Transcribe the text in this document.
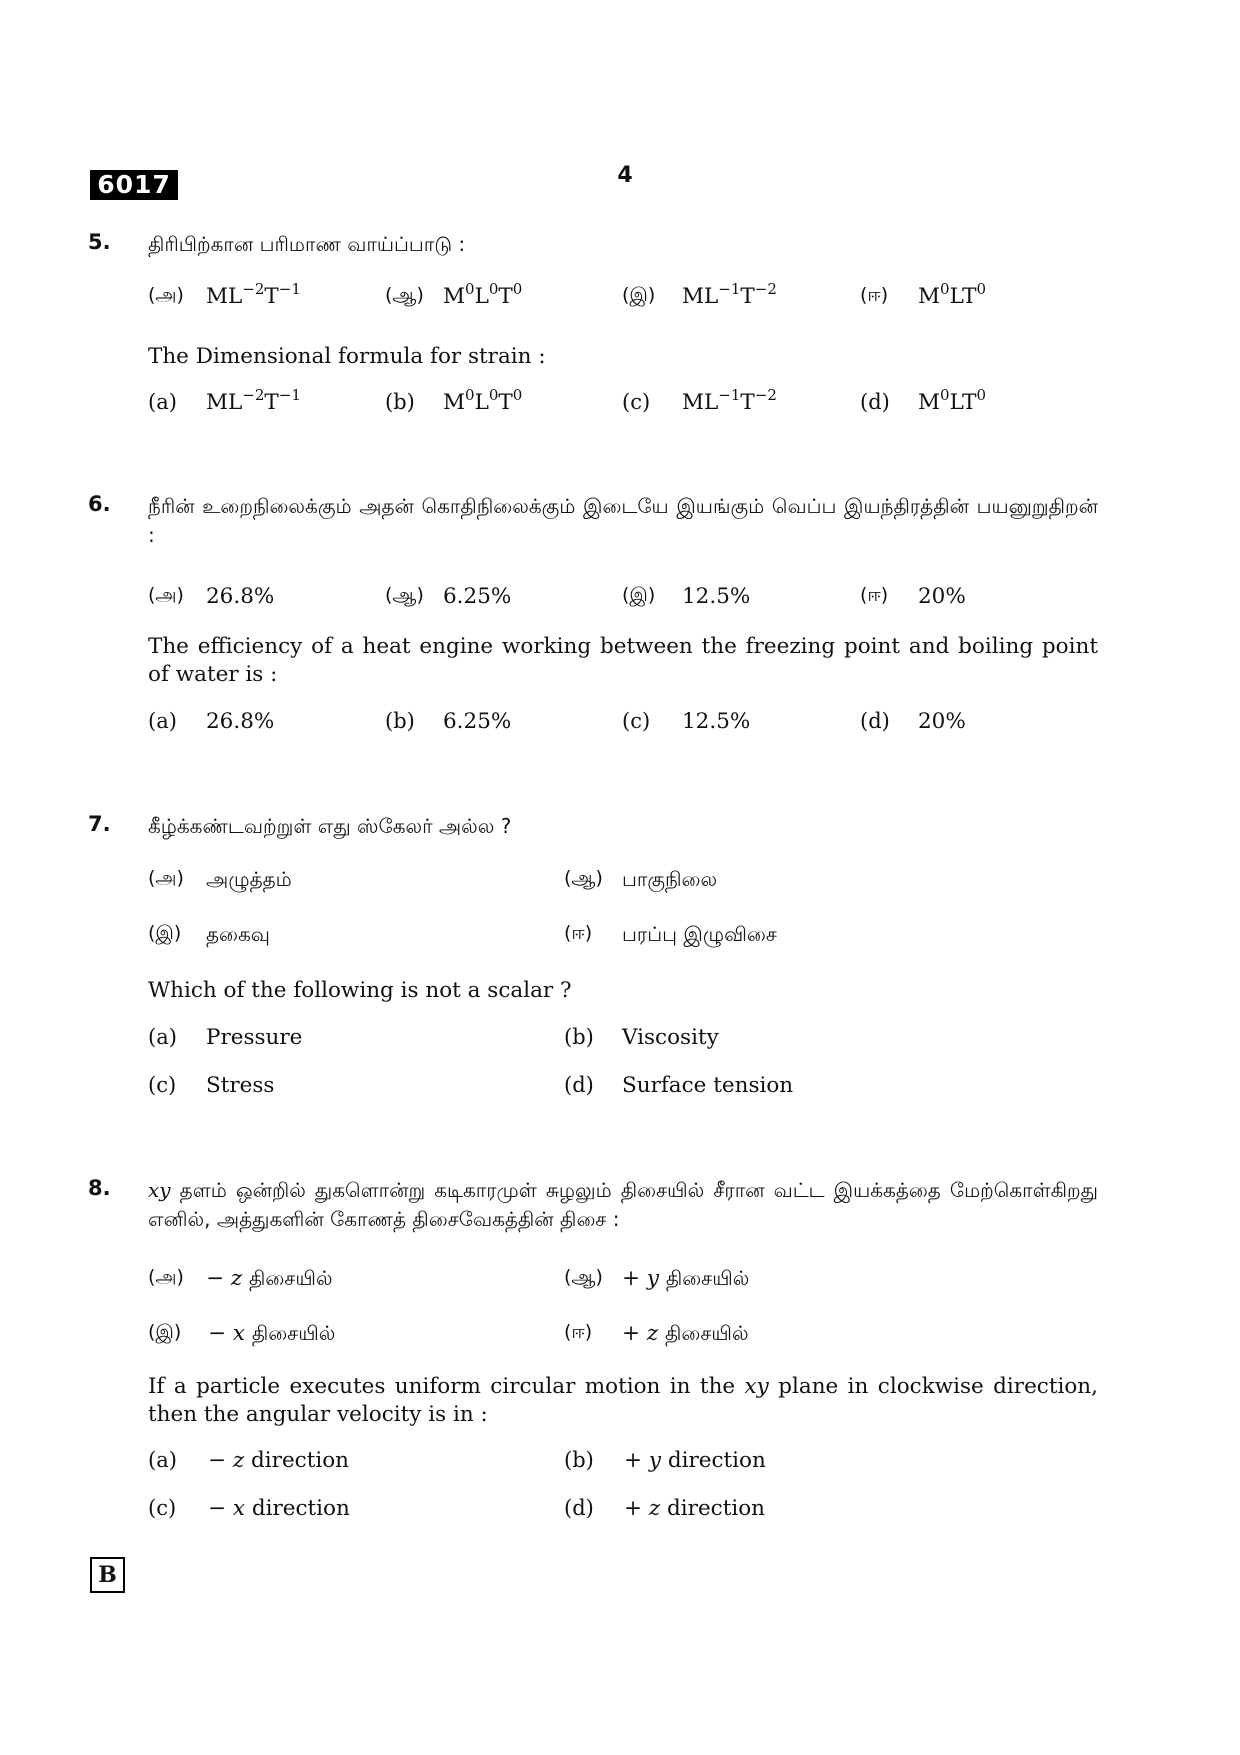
6017	4
5. திரிபிற்கான பரிமாண வாய்ப்பாடு :
(அ) $ML^{-2}T^{-1}$	(ஆ) $M^0L^0T^0$	(இ) $ML^{-1}T^{-2}$	(ஈ) $M^0LT^0$
The Dimensional formula for strain :
(a) $ML^{-2}T^{-1}$	(b) $M^0L^0T^0$	(c) $ML^{-1}T^{-2}$	(d) $M^0LT^0$
6. நீரின் உறைநிலைக்கும் அதன் கொதிநிலைக்கும் இடையே இயங்கும் வெப்ப இயந்திரத்தின் பயனுறுதிறன் :
(அ) 26.8%	(ஆ) 6.25%	(இ) 12.5%	(ஈ) 20%
The efficiency of a heat engine working between the freezing point and boiling point of water is :
(a) 26.8%	(b) 6.25%	(c) 12.5%	(d) 20%
7. கீழ்க்கண்டவற்றுள் எது ஸ்கேலர் அல்ல ?
(அ) அழுத்தம்	(ஆ) பாகுநிலை
(இ) தகைவு	(ஈ) பரப்பு இழுவிசை
Which of the following is not a scalar ?
(a) Pressure	(b) Viscosity
(c) Stress	(d) Surface tension
8. xy தளம் ஒன்றில் துகளொன்று கடிகாரமுள் சுழலும் திசையில் சீரான வட்ட இயக்கத்தை மேற்கொள்கிறது எனில், அத்துகளின் கோணத் திசைவேகத்தின் திசை :
(அ) − z திசையில்	(ஆ) + y திசையில்
(இ) − x திசையில்	(ஈ) + z திசையில்
If a particle executes uniform circular motion in the xy plane in clockwise direction, then the angular velocity is in :
(a) − z direction	(b) + y direction
(c) − x direction	(d) + z direction
B
